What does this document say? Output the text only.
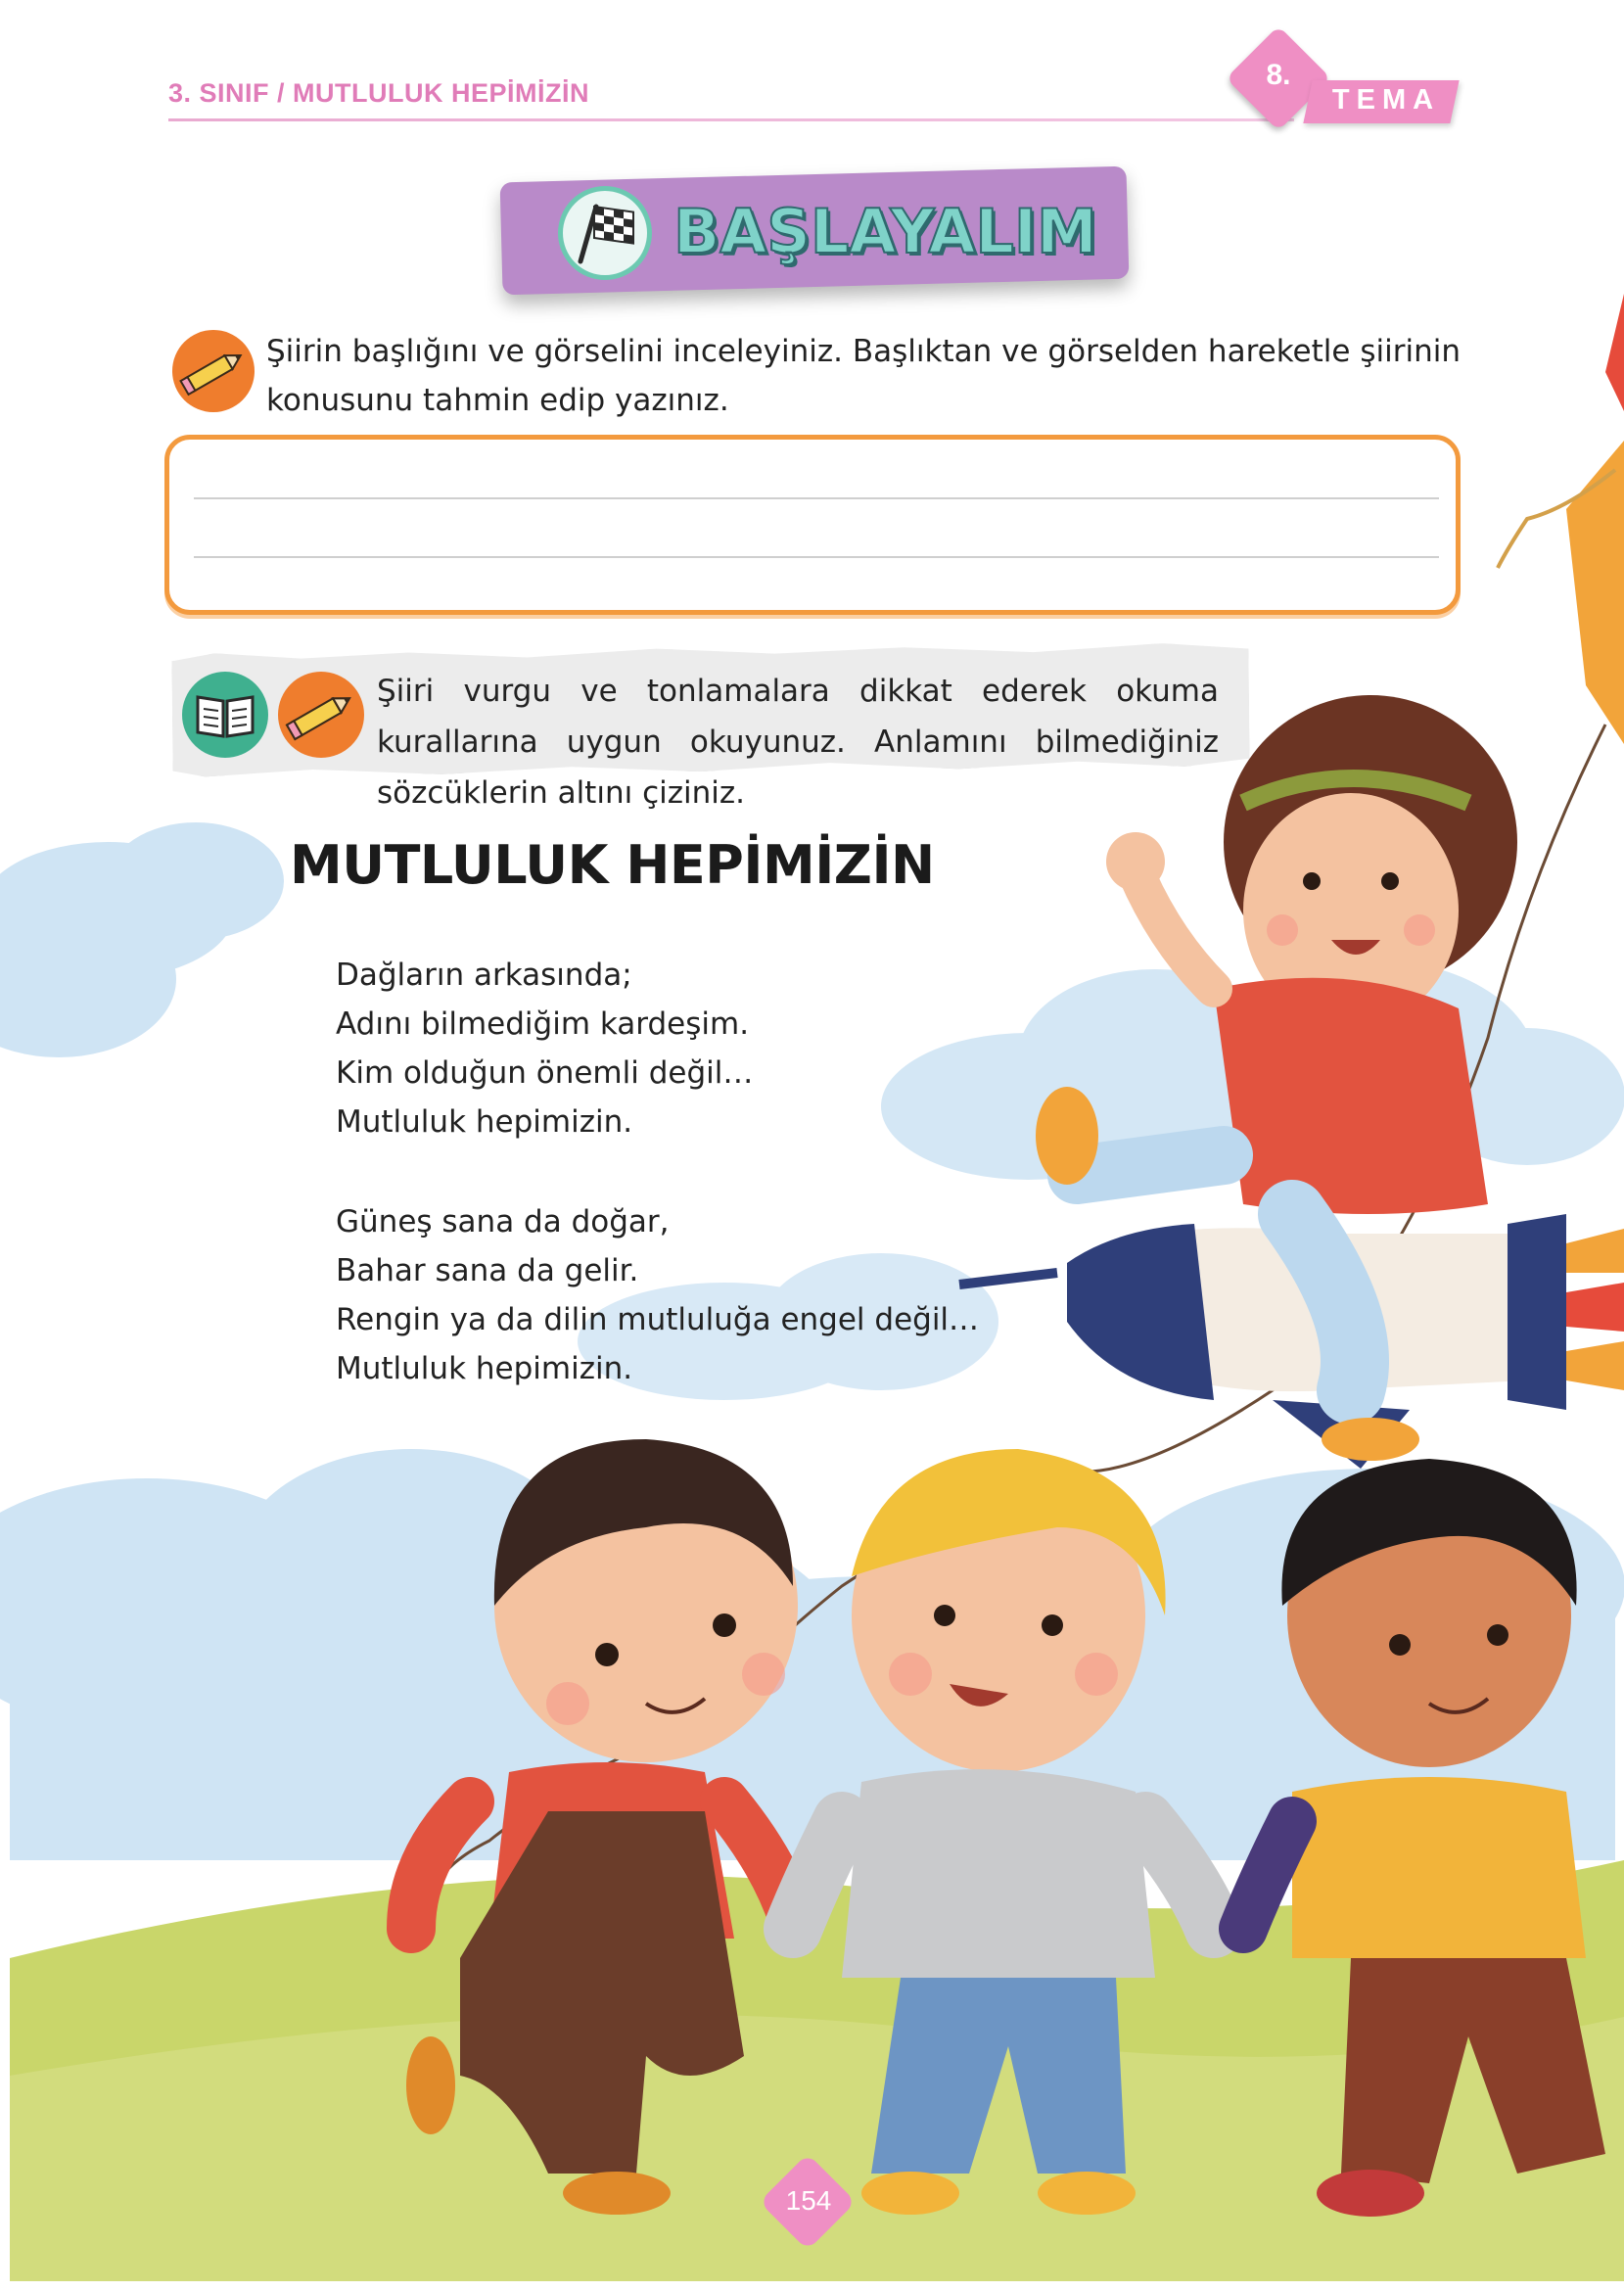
3. SINIF / MUTLULUK HEPİMİZİN
8.
TEMA
BAŞLAYALIM
Şiirin başlığını ve görselini inceleyiniz. Başlıktan ve görselden hareketle şiirinin konusunu tahmin edip yazınız.
Şiiri vurgu ve tonlamalara dikkat ederek okuma kurallarına uygun okuyunuz. Anlamını bilmediğiniz sözcüklerin altını çiziniz.
MUTLULUK HEPİMİZİN
Dağların arkasında;
Adını bilmediğim kardeşim.
Kim olduğun önemli değil…
Mutluluk hepimizin.
Güneş sana da doğar,
Bahar sana da gelir.
Rengin ya da dilin mutluluğa engel değil…
Mutluluk hepimizin.
154
